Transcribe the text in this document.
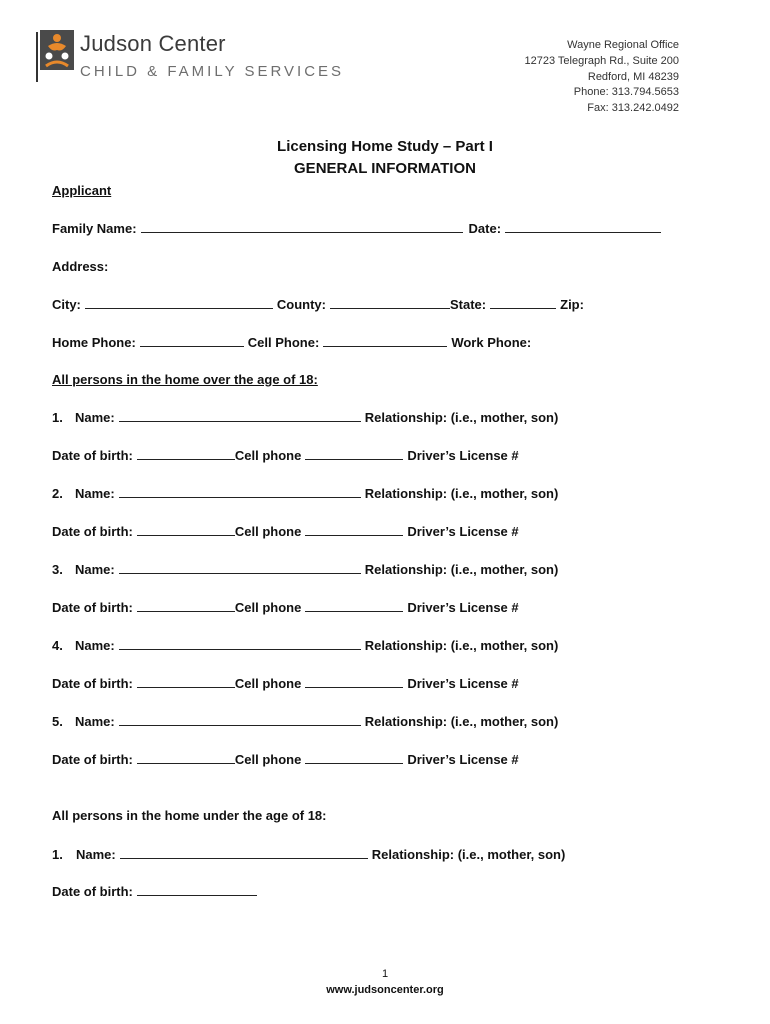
Judson Center
CHILD & FAMILY SERVICES
Wayne Regional Office
12723 Telegraph Rd., Suite 200
Redford, MI 48239
Phone: 313.794.5653
Fax: 313.242.0492
Licensing Home Study – Part I
GENERAL INFORMATION
Applicant
Family Name:	Date:
Address:
City:	County:	State:	Zip:
Home Phone:	Cell Phone:	Work Phone:
All persons in the home over the age of 18:
1. Name:	Relationship: (i.e., mother, son)
Date of birth:	Cell phone	Driver’s License #
2. Name:	Relationship: (i.e., mother, son)
Date of birth:	Cell phone	Driver’s License #
3. Name:	Relationship: (i.e., mother, son)
Date of birth:	Cell phone	Driver’s License #
4. Name:	Relationship: (i.e., mother, son)
Date of birth:	Cell phone	Driver’s License #
5. Name:	Relationship: (i.e., mother, son)
Date of birth:	Cell phone	Driver’s License #
All persons in the home under the age of 18:
1.	Name:	Relationship: (i.e., mother, son)
Date of birth:
1
www.judsoncenter.org
